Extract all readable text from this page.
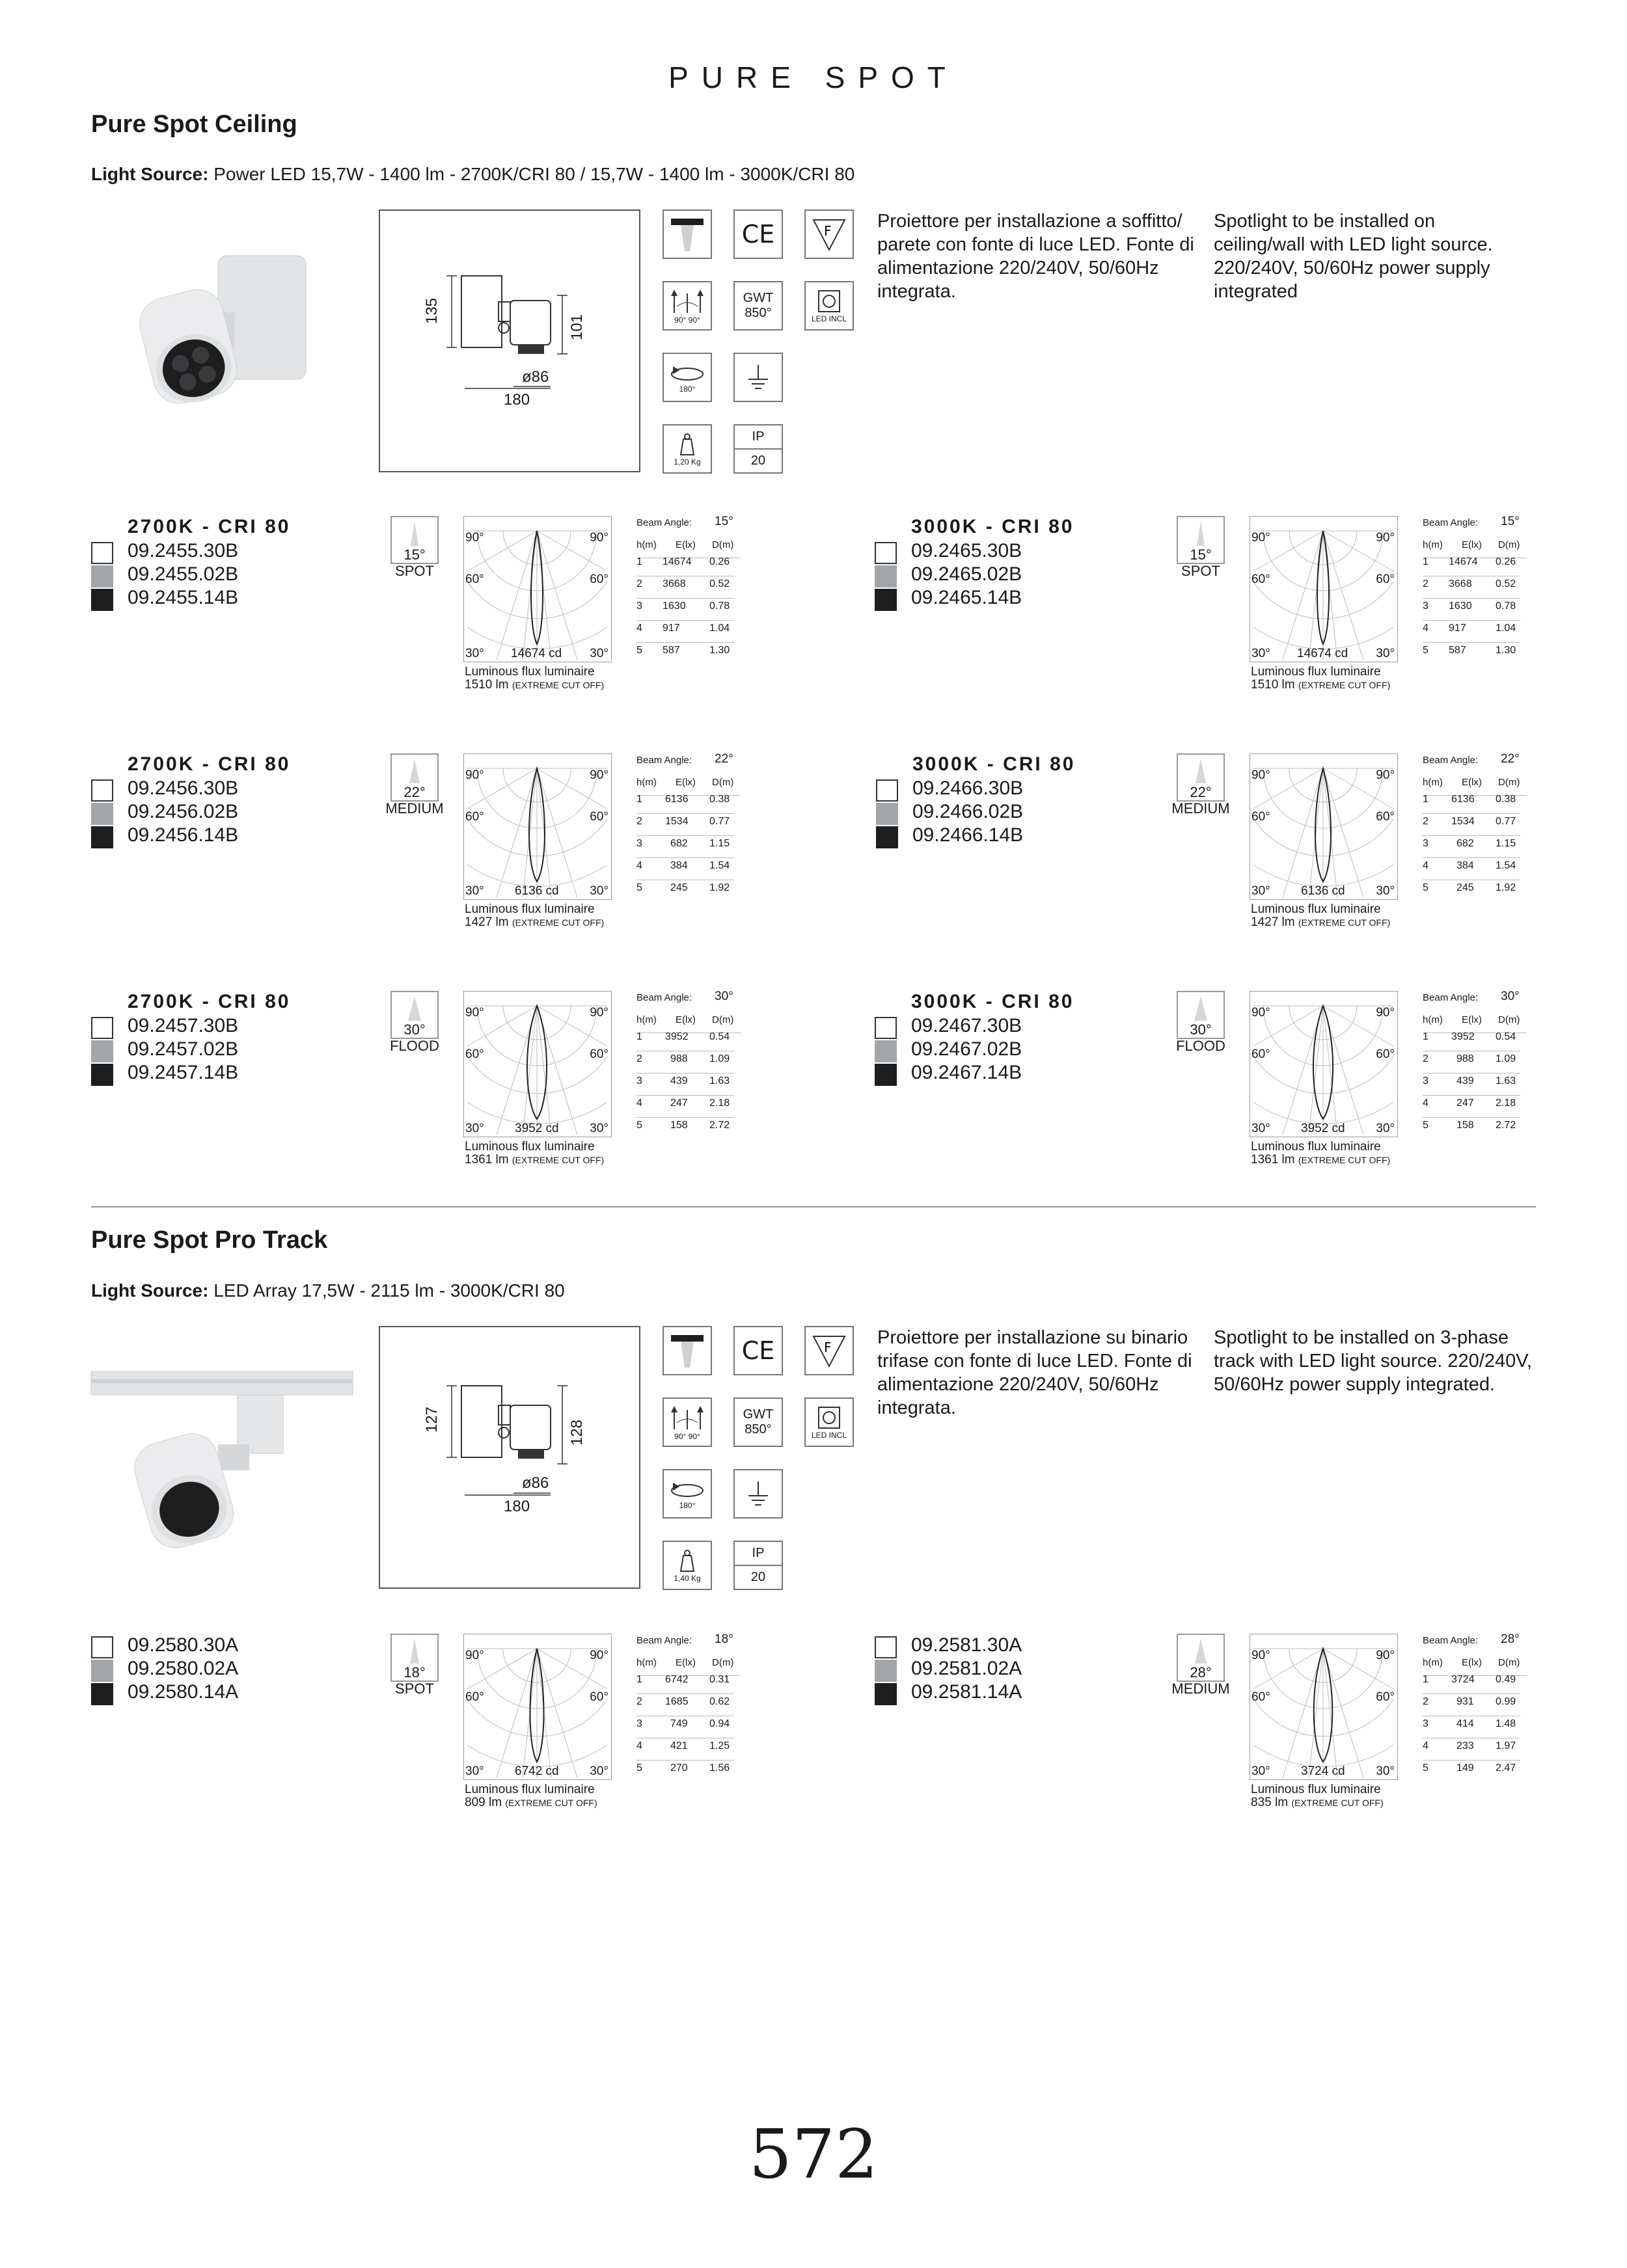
PURE SPOT
Pure Spot Ceiling
Light Source: Power LED 15,7W - 1400 lm - 2700K/CRI 80 / 15,7W - 1400 lm - 3000K/CRI 80
135
101
ø86
180
CE	F
90° 90°
GWT
850°	LED INCL
180°
1,20 Kg
IP
20
Proiettore per installazione a soffitto/ parete con fonte di luce LED. Fonte di alimentazione 220/240V, 50/60Hz integrata.
Spotlight to be installed on ceiling/wall with LED light source. 220/240V, 50/60Hz power supply integrated
2700K - CRI 80
09.2455.30B
09.2455.02B
09.2455.14B
15°
SPOT
90°	90°
60°	60°
30°	30°
14674 cd
Luminous flux luminaire
1510 lm (EXTREME CUT OFF)
Beam Angle: 15°
h(m) E(lx) D(m)
1 14674 0.26
2 3668 0.52
3 1630 0.78
4 917	1.04
5 587	1.30
3000K - CRI 80
09.2465.30B
09.2465.02B
09.2465.14B
15°
SPOT
90°	90°
60°	60°
30°	30°
14674 cd
Luminous flux luminaire
1510 lm (EXTREME CUT OFF)
Beam Angle: 15°
h(m) E(lx) D(m)
1 14674 0.26
2 3668 0.52
3 1630 0.78
4 917	1.04
5 587	1.30
2700K - CRI 80
09.2456.30B
09.2456.02B
09.2456.14B
22°
MEDIUM
90°	90°
60°	60°
30°	30°
6136 cd
Luminous flux luminaire
1427 lm (EXTREME CUT OFF)
Beam Angle: 22°
h(m) E(lx) D(m)
1 6136 0.38
2 1534 0.77
3	682 1.15
4	384 1.54
5	245 1.92
3000K - CRI 80
09.2466.30B
09.2466.02B
09.2466.14B
22°
MEDIUM
90°	90°
60°	60°
30°	30°
6136 cd
Luminous flux luminaire
1427 lm (EXTREME CUT OFF)
Beam Angle: 22°
h(m) E(lx) D(m)
1 6136 0.38
2 1534 0.77
3	682 1.15
4	384 1.54
5	245 1.92
2700K - CRI 80
09.2457.30B
09.2457.02B
09.2457.14B
30°
FLOOD
90°	90°
60°	60°
30°	30°
3952 cd
Luminous flux luminaire
1361 lm (EXTREME CUT OFF)
Beam Angle: 30°
h(m) E(lx) D(m)
1 3952 0.54
2	988 1.09
3	439 1.63
4	247 2.18
5	158 2.72
3000K - CRI 80
09.2467.30B
09.2467.02B
09.2467.14B
30°
FLOOD
90°	90°
60°	60°
30°	30°
3952 cd
Luminous flux luminaire
1361 lm (EXTREME CUT OFF)
Beam Angle: 30°
h(m) E(lx) D(m)
1 3952 0.54
2	988 1.09
3	439 1.63
4	247 2.18
5	158 2.72
Pure Spot Pro Track
Light Source: LED Array 17,5W - 2115 lm - 3000K/CRI 80
127	128
ø86
180
CE	F
90° 90°
GWT
850°	LED INCL
180°
1,40 Kg
IP
20
Proiettore per installazione su binario trifase con fonte di luce LED. Fonte di alimentazione 220/240V, 50/60Hz integrata.
Spotlight to be installed on 3-phase track with LED light source. 220/240V, 50/60Hz power supply integrated.
09.2580.30A
09.2580.02A
09.2580.14A
18°
SPOT
90°	90°
60°	60°
30°	30°
6742 cd
Luminous flux luminaire
809 lm (EXTREME CUT OFF)
Beam Angle: 18°
h(m) E(lx) D(m)
1 6742 0.31
2 1685 0.62
3	749 0.94
4	421 1.25
5	270 1.56
09.2581.30A
09.2581.02A
09.2581.14A
28°
MEDIUM
90°	90°
60°	60°
30°	30°
3724 cd
Luminous flux luminaire
835 lm (EXTREME CUT OFF)
Beam Angle: 28°
h(m) E(lx) D(m)
1 3724 0.49
2	931 0.99
3	414 1.48
4	233 1.97
5	149 2.47
572
